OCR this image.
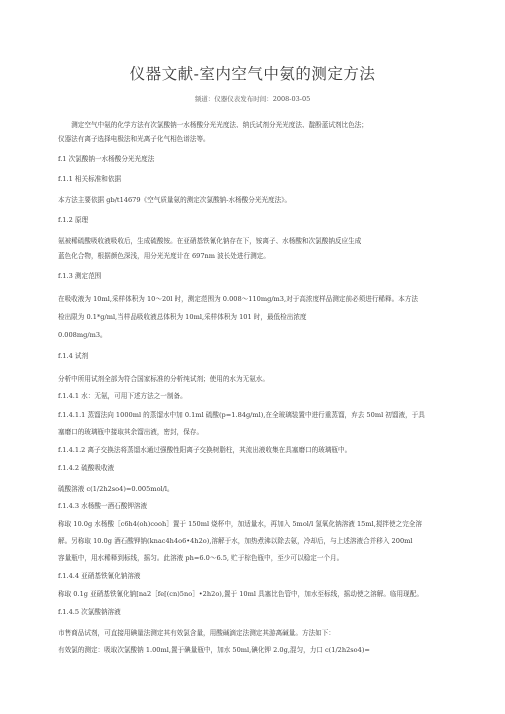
仪器文献-室内空气中氨的测定方法
频道：仪器仪表发布时间：2008-03-05
　　测定空气中氨的化学方法有次氯酸钠一水杨酸分光光度法、纳氏试剂分光光度法、靛酚蓝试剂比色法；
仪器法有离子选择电极法和光离子化气相色谱法等。
f.1 次氯酸钠一水杨酸分光光度法
f.1.1 相关标准和依据
本方法主要依据 gb/t14679《空气质量氨的测定次氯酸钠-水杨酸分光光度法》。
f.1.2 原理
氨被稀硫酸吸收液吸收后，生成硫酸铵。在亚硝基铁氰化钠存在下，铵离子、水杨酸和次氯酸钠反应生成
蓝色化合物，根据颜色深浅，用分光光度计在 697nm 波长处进行测定。
f.1.3 测定范围
在吸收液为 10ml,采样体积为 10～20l 时，测定范围为 0.008～110mg/m3,对于高浓度样品测定前必须进行稀释。本方法
检出限为 0.1*g/ml,当样品吸收液总体积为 10ml,采样体积为 101 时，最低检出浓度
0.008mg/m3。
f.1.4 试剂
分析中所用试剂全部为符合国家标准的分析纯试剂；使用的水为无氨水。
f.1.4.1 水：无氨，可用下述方法之一制备。
f.1.4.1.1 蒸馏法向 1000ml 的蒸馏水中加 0.1ml 硫酸(p=1.84g/ml),在全玻璃装置中进行重蒸馏，弃去 50ml 初馏液，于具
塞磨口的玻璃瓶中接取其余馏出液，密封，保存。
f.1.4.1.2 离子交换法将蒸馏水通过强酸性阳离子交换树脂柱，其流出液收集在具塞磨口的玻璃瓶中。
f.1.4.2 硫酸吸收液
硫酸溶液 c(1/2h2so4)=0.005mol/l。
f.1.4.3 水杨酸一酒石酸钾溶液
称取 10.0g 水杨酸［c6h4(oh)cooh］置于 150ml 烧杯中，加适量水，再加入 5mol/l 氢氧化钠溶液 15ml,搅拌使之完全溶
解。另称取 10.0g 酒石酸钾钠(knac4h4o6•4h2o),溶解于水，加热煮沸以除去氨，冷却后，与上述溶液合并移入 200ml
容量瓶中，用水稀释到标线，摇匀。此溶液 ph=6.0～6.5, 贮于棕色瓶中，至少可以稳定一个月。
f.1.4.4 亚硝基铁氰化钠溶液
称取 0.1g 亚硝基铁氰化钠[na2［fe[(cn)5no］•2h2o),置于 10ml 具塞比色管中，加水至标线，摇动使之溶解。临用现配。
f.1.4.5 次氯酸钠溶液
市售商品试剂，可直接用碘量法测定其有效氯含量，用酸碱滴定法测定其游离碱量。方法如下：
有效氯的测定：吸取次氯酸钠 1.00ml,置于碘量瓶中，加水 50ml,碘化钾 2.0g,混匀，力口 c(1/2h2so4)=
